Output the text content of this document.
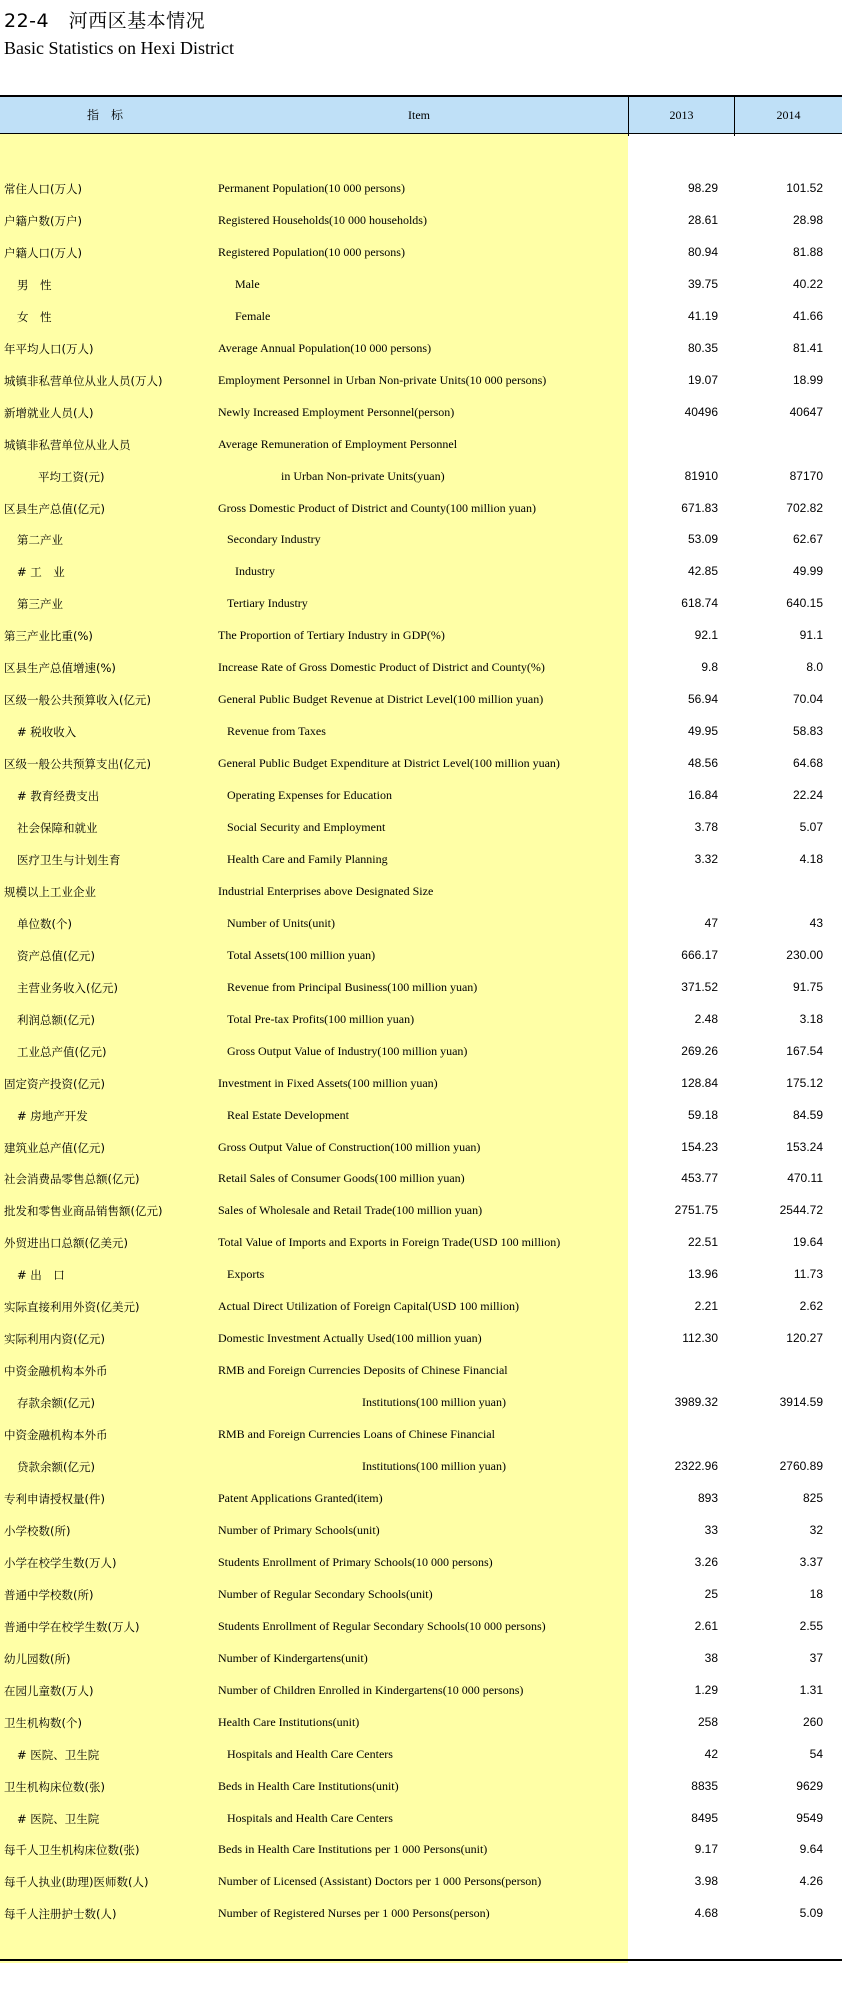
22-4　河西区基本情况
Basic Statistics on Hexi District
指　标	Item	2013	2014
常住人口(万人)	Permanent Population(10 000 persons)	98.29	101.52
户籍户数(万户)	Registered Households(10 000 households)	28.61	28.98
户籍人口(万人)	Registered Population(10 000 persons)	80.94	81.88
男　性	Male	39.75	40.22
女　性	Female	41.19	41.66
年平均人口(万人)	Average Annual Population(10 000 persons)	80.35	81.41
城镇非私营单位从业人员(万人)	Employment Personnel in Urban Non-private Units(10 000 persons)	19.07	18.99
新增就业人员(人)	Newly Increased Employment Personnel(person)	40496	40647
城镇非私营单位从业人员	Average Remuneration of Employment Personnel
平均工资(元)	in Urban Non-private Units(yuan)	81910	87170
区县生产总值(亿元)	Gross Domestic Product of District and County(100 million yuan)	671.83	702.82
第二产业	Secondary Industry	53.09	62.67
# 工　业	Industry	42.85	49.99
第三产业	Tertiary Industry	618.74	640.15
第三产业比重(%)	The Proportion of Tertiary Industry in GDP(%)	92.1	91.1
区县生产总值增速(%)	Increase Rate of Gross Domestic Product of District and County(%)	9.8	8.0
区级一般公共预算收入(亿元)	General Public Budget Revenue at District Level(100 million yuan)	56.94	70.04
# 税收收入	Revenue from Taxes	49.95	58.83
区级一般公共预算支出(亿元)	General Public Budget Expenditure at District Level(100 million yuan)	48.56	64.68
# 教育经费支出	Operating Expenses for Education	16.84	22.24
社会保障和就业	Social Security and Employment	3.78	5.07
医疗卫生与计划生育	Health Care and Family Planning	3.32	4.18
规模以上工业企业	Industrial Enterprises above Designated Size
单位数(个)	Number of Units(unit)	47	43
资产总值(亿元)	Total Assets(100 million yuan)	666.17	230.00
主营业务收入(亿元)	Revenue from Principal Business(100 million yuan)	371.52	91.75
利润总额(亿元)	Total Pre-tax Profits(100 million yuan)	2.48	3.18
工业总产值(亿元)	Gross Output Value of Industry(100 million yuan)	269.26	167.54
固定资产投资(亿元)	Investment in Fixed Assets(100 million yuan)	128.84	175.12
# 房地产开发	Real Estate Development	59.18	84.59
建筑业总产值(亿元)	Gross Output Value of Construction(100 million yuan)	154.23	153.24
社会消费品零售总额(亿元)	Retail Sales of Consumer Goods(100 million yuan)	453.77	470.11
批发和零售业商品销售额(亿元)	Sales of Wholesale and Retail Trade(100 million yuan)	2751.75	2544.72
外贸进出口总额(亿美元)	Total Value of Imports and Exports in Foreign Trade(USD 100 million)	22.51	19.64
# 出　口	Exports	13.96	11.73
实际直接利用外资(亿美元)	Actual Direct Utilization of Foreign Capital(USD 100 million)	2.21	2.62
实际利用内资(亿元)	Domestic Investment Actually Used(100 million yuan)	112.30	120.27
中资金融机构本外币	RMB and Foreign Currencies Deposits of Chinese Financial
存款余额(亿元)	Institutions(100 million yuan)	3989.32	3914.59
中资金融机构本外币	RMB and Foreign Currencies Loans of Chinese Financial
贷款余额(亿元)	Institutions(100 million yuan)	2322.96	2760.89
专利申请授权量(件)	Patent Applications Granted(item)	893	825
小学校数(所)	Number of Primary Schools(unit)	33	32
小学在校学生数(万人)	Students Enrollment of Primary Schools(10 000 persons)	3.26	3.37
普通中学校数(所)	Number of Regular Secondary Schools(unit)	25	18
普通中学在校学生数(万人)	Students Enrollment of Regular Secondary Schools(10 000 persons)	2.61	2.55
幼儿园数(所)	Number of Kindergartens(unit)	38	37
在园儿童数(万人)	Number of Children Enrolled in Kindergartens(10 000 persons)	1.29	1.31
卫生机构数(个)	Health Care Institutions(unit)	258	260
# 医院、卫生院	Hospitals and Health Care Centers	42	54
卫生机构床位数(张)	Beds in Health Care Institutions(unit)	8835	9629
# 医院、卫生院	Hospitals and Health Care Centers	8495	9549
每千人卫生机构床位数(张)	Beds in Health Care Institutions per 1 000 Persons(unit)	9.17	9.64
每千人执业(助理)医师数(人)	Number of Licensed (Assistant) Doctors per 1 000 Persons(person)	3.98	4.26
每千人注册护士数(人)	Number of Registered Nurses per 1 000 Persons(person)	4.68	5.09
